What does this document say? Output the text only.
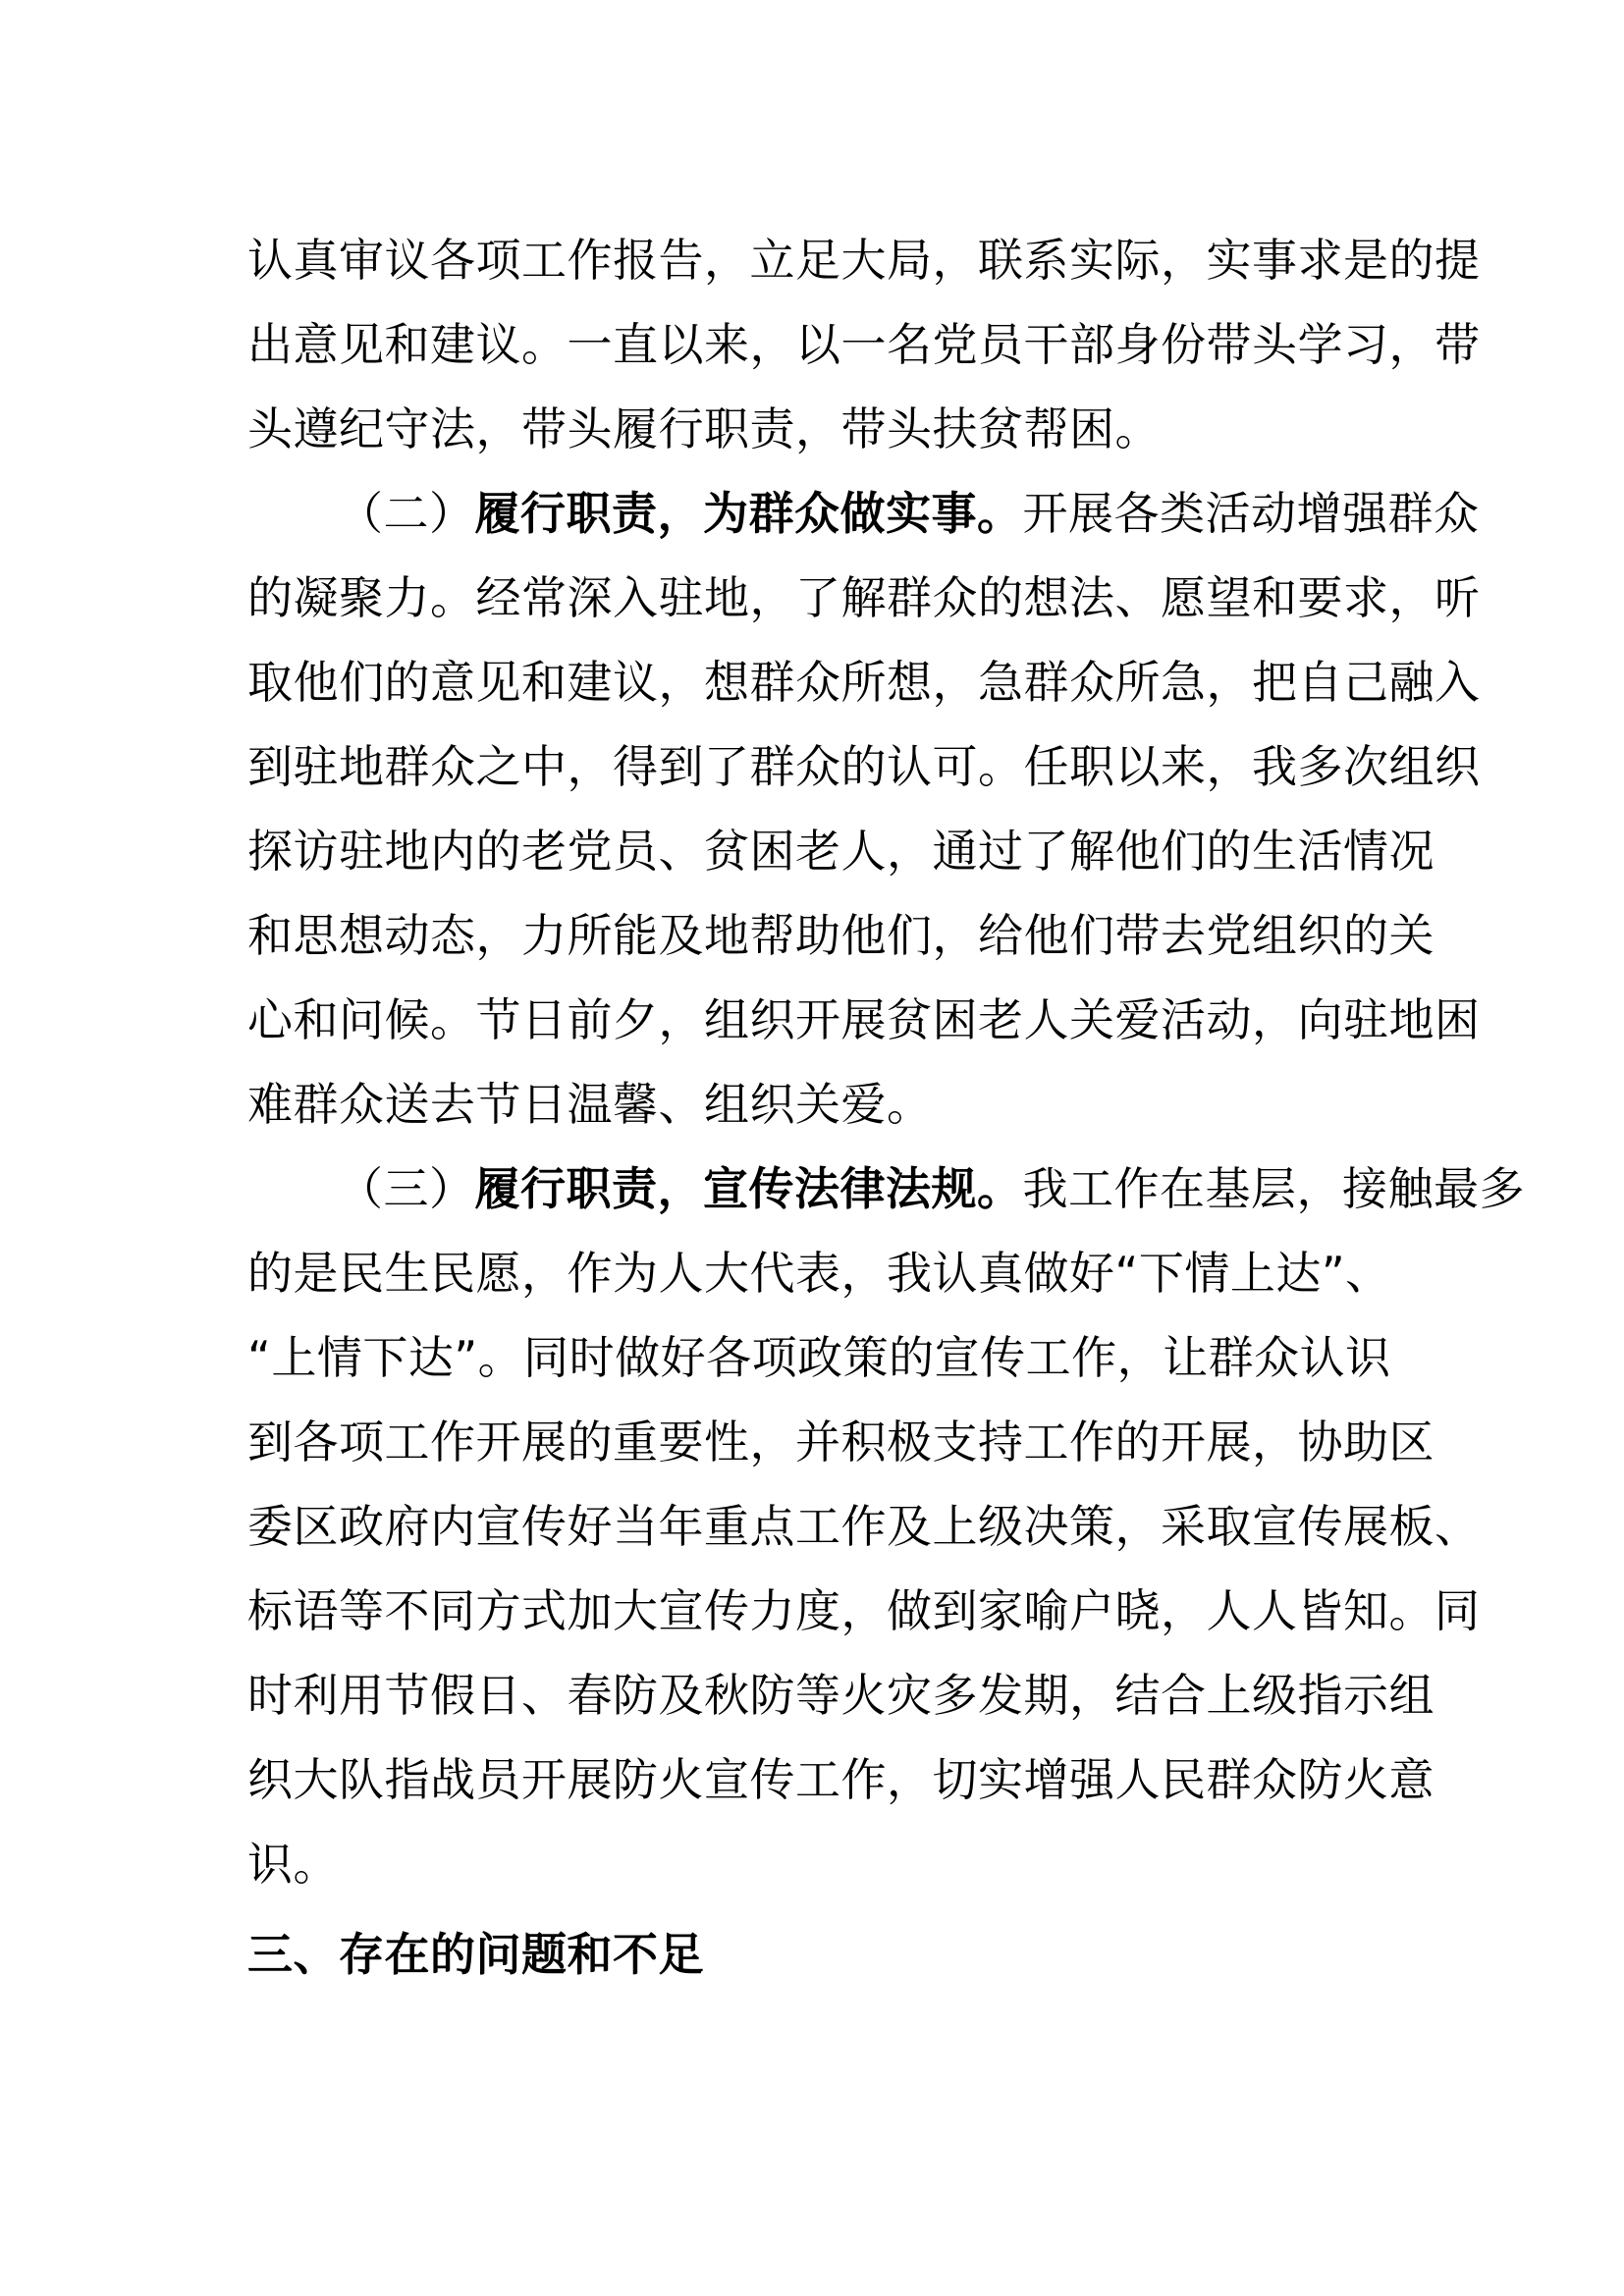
认真审议各项工作报告，立足大局，联系实际，实事求是的提
出意见和建议。一直以来，以一名党员干部身份带头学习，带
头遵纪守法，带头履行职责，带头扶贫帮困。
（二）履行职责，为群众做实事。开展各类活动增强群众
的凝聚力。经常深入驻地，了解群众的想法、愿望和要求，听
取他们的意见和建议，想群众所想，急群众所急，把自己融入
到驻地群众之中，得到了群众的认可。任职以来，我多次组织
探访驻地内的老党员、贫困老人，通过了解他们的生活情况
和思想动态，力所能及地帮助他们，给他们带去党组织的关
心和问候。节日前夕，组织开展贫困老人关爱活动，向驻地困
难群众送去节日温馨、组织关爱。
（三）履行职责，宣传法律法规。我工作在基层，接触最多
的是民生民愿，作为人大代表，我认真做好“下情上达”、
“上情下达”。同时做好各项政策的宣传工作，让群众认识
到各项工作开展的重要性，并积极支持工作的开展，协助区
委区政府内宣传好当年重点工作及上级决策，采取宣传展板、
标语等不同方式加大宣传力度，做到家喻户晓，人人皆知。同
时利用节假日、春防及秋防等火灾多发期，结合上级指示组
织大队指战员开展防火宣传工作，切实增强人民群众防火意
识。
三、存在的问题和不足
